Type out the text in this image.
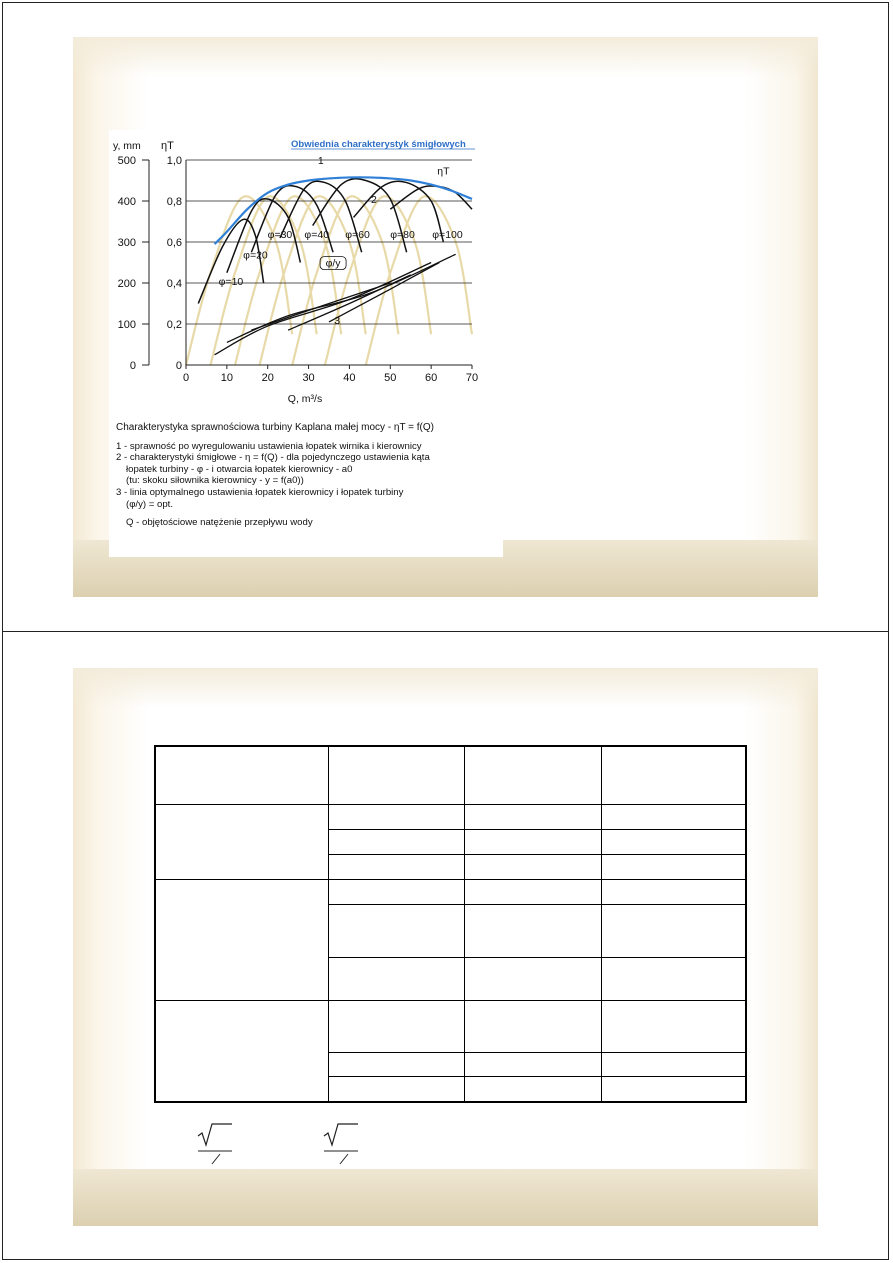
0
0,2
0,4
0,6
0,8
1,0
0
100
200
300
400
500
0	10	20	30	40	50	60	70
Q, m³/s
y, mm ηT	Obwiednia charakterystyk śmigłowych
1
2
3
ηT
φ/y
φ=10
φ=20
φ=30 φ=40 φ=60 φ=80 φ=100

Charakterystyka sprawnościowa turbiny Kaplana małej mocy - ηT = f(Q)

1 - sprawność po wyregulowaniu ustawienia łopatek wirnika i kierownicy

2 - charakterystyki śmigłowe - η = f(Q) - dla pojedynczego ustawienia kąta

łopatek turbiny - φ - i otwarcia łopatek kierownicy - a0

(tu: skoku siłownika kierownicy - y = f(a0))

3 - linia optymalnego ustawienia łopatek kierownicy i łopatek turbiny

(φ/y) = opt.

Q - objętościowe natężenie przepływu wody
